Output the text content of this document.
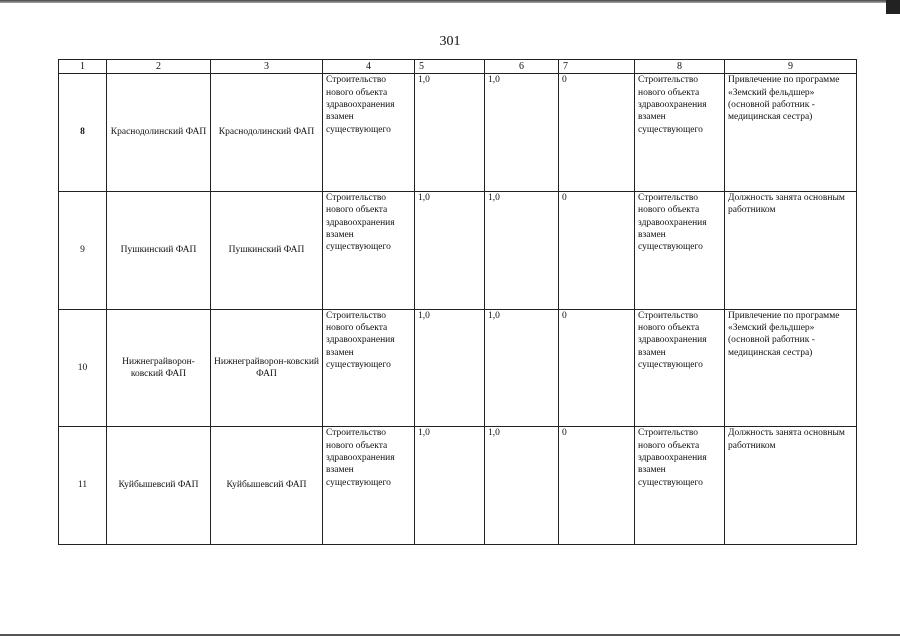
301
1	2	3	4	5	6	7	8	9
8	Краснодолинский ФАП	Краснодолинский ФАП	Строительство нового объекта здравоохранения взамен существующего	1,0	1,0	0	Строительство нового объекта здравоохранения взамен существующего	Привлечение по программе «Земский фельдшер» (основной работник - медицинская сестра)
9	Пушкинский ФАП	Пушкинский ФАП	Строительство нового объекта здравоохранения взамен существующего	1,0	1,0	0	Строительство нового объекта здравоохранения взамен существующего	Должность занята основным работником
10	Нижнеграйворон-ковский ФАП	Нижнеграйворон-ковский ФАП	Строительство нового объекта здравоохранения взамен существующего	1,0	1,0	0	Строительство нового объекта здравоохранения взамен существующего	Привлечение по программе «Земский фельдшер» (основной работник - медицинская сестра)
11	Куйбышевсий ФАП	Куйбышевсий ФАП	Строительство нового объекта здравоохранения взамен существующего	1,0	1,0	0	Строительство нового объекта здравоохранения взамен существующего	Должность занята основным работником
